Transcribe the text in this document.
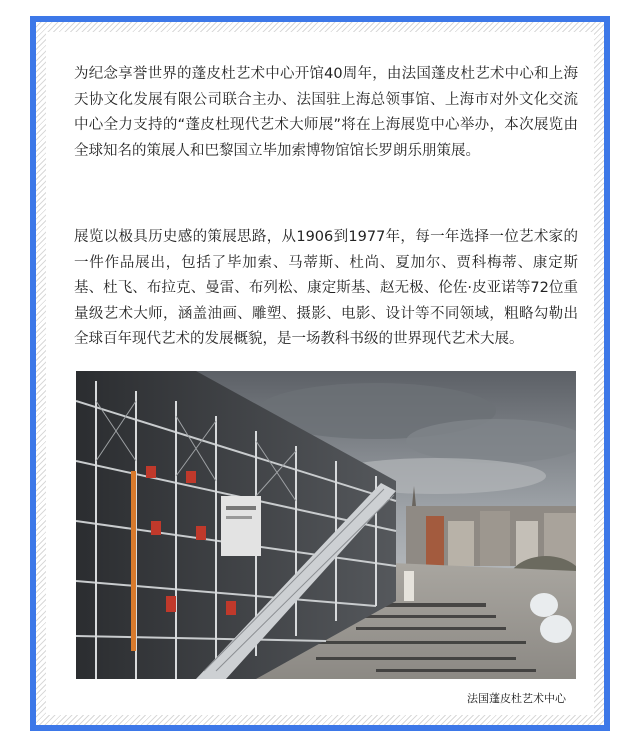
为纪念享誉世界的蓬皮杜艺术中心开馆40周年，由法国蓬皮杜艺术中心和上海天协文化发展有限公司联合主办、法国驻上海总领事馆、上海市对外文化交流中心全力支持的“蓬皮杜现代艺术大师展”将在上海展览中心举办，本次展览由全球知名的策展人和巴黎国立毕加索博物馆馆长罗朗乐朋策展。

展览以极具历史感的策展思路，从1906到1977年，每一年选择一位艺术家的一件作品展出，包括了毕加索、马蒂斯、杜尚、夏加尔、贾科梅蒂、康定斯基、杜飞、布拉克、曼雷、布列松、康定斯基、赵无极、伦佐·皮亚诺等72位重量级艺术大师，涵盖油画、雕塑、摄影、电影、设计等不同领域，粗略勾勒出全球百年现代艺术的发展概貌，是一场教科书级的世界现代艺术大展。

法国蓬皮杜艺术中心
